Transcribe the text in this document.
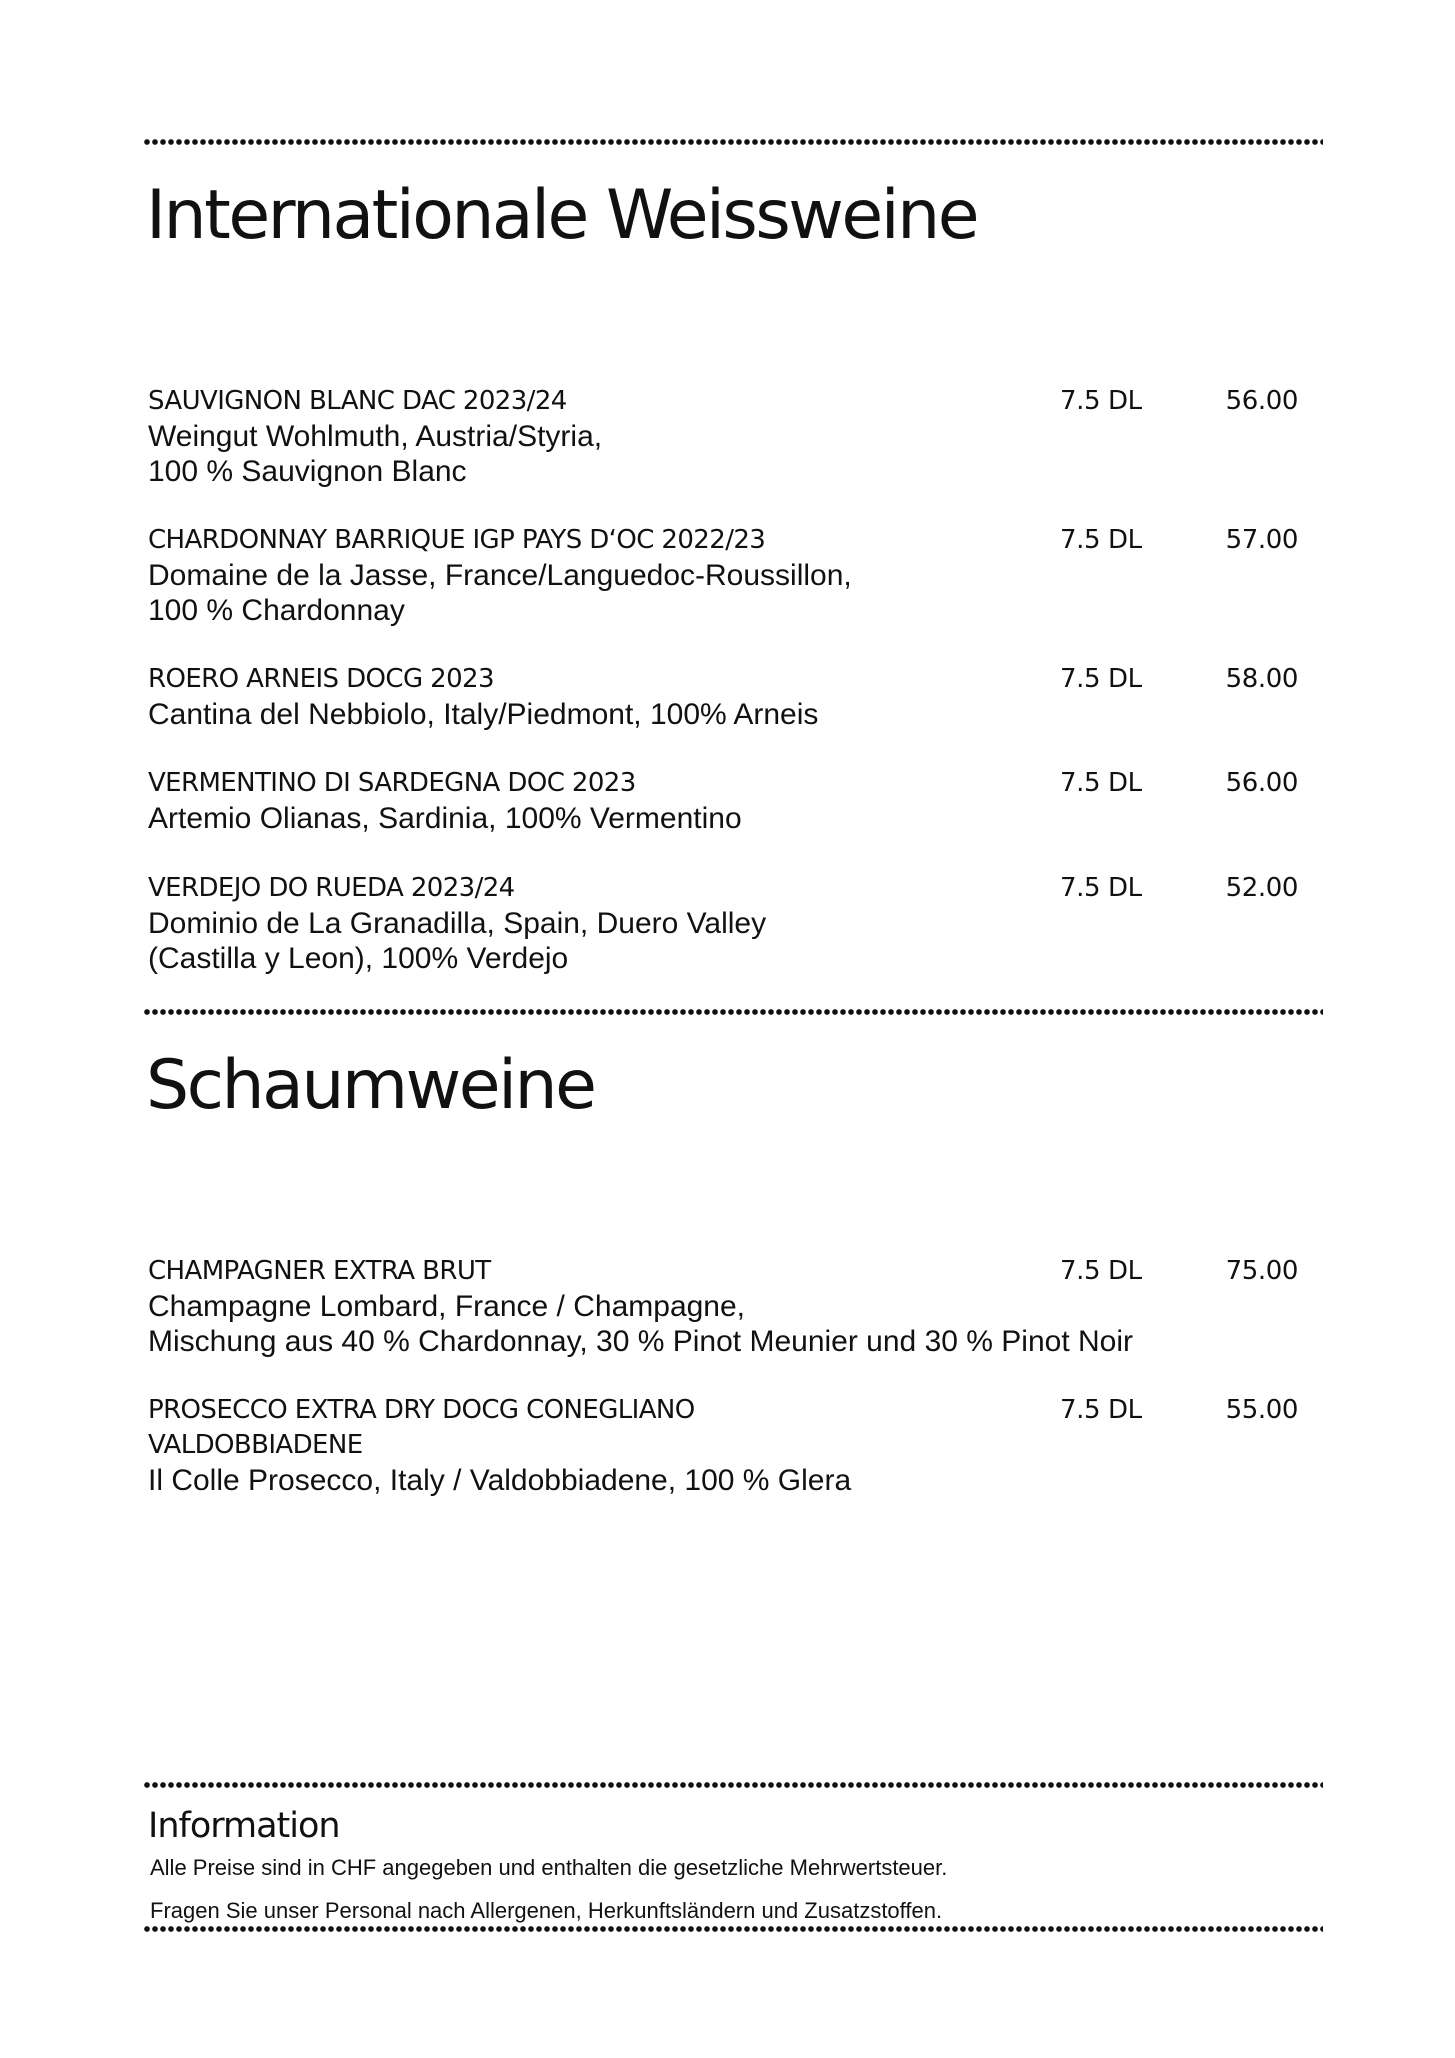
Internationale Weissweine
SAUVIGNON BLANC DAC 2023/24
Weingut Wohlmuth, Austria/Styria,
100 % Sauvignon Blanc
7.5 DL	56.00
CHARDONNAY BARRIQUE IGP PAYS D‘OC 2022/23
Domaine de la Jasse, France/Languedoc-Roussillon,
100 % Chardonnay
7.5 DL	57.00
ROERO ARNEIS DOCG 2023
Cantina del Nebbiolo, Italy/Piedmont, 100% Arneis
7.5 DL	58.00
VERMENTINO DI SARDEGNA DOC 2023
Artemio Olianas, Sardinia, 100% Vermentino
7.5 DL	56.00
VERDEJO DO RUEDA 2023/24
Dominio de La Granadilla, Spain, Duero Valley
(Castilla y Leon), 100% Verdejo
7.5 DL	52.00
Schaumweine
CHAMPAGNER EXTRA BRUT
Champagne Lombard, France / Champagne,
Mischung aus 40 % Chardonnay, 30 % Pinot Meunier und 30 % Pinot Noir
7.5 DL	75.00
PROSECCO EXTRA DRY DOCG CONEGLIANO
VALDOBBIADENE
Il Colle Prosecco, Italy / Valdobbiadene, 100 % Glera
7.5 DL	55.00
Information
Alle Preise sind in CHF angegeben und enthalten die gesetzliche Mehrwertsteuer.
Fragen Sie unser Personal nach Allergenen, Herkunftsländern und Zusatzstoffen.
